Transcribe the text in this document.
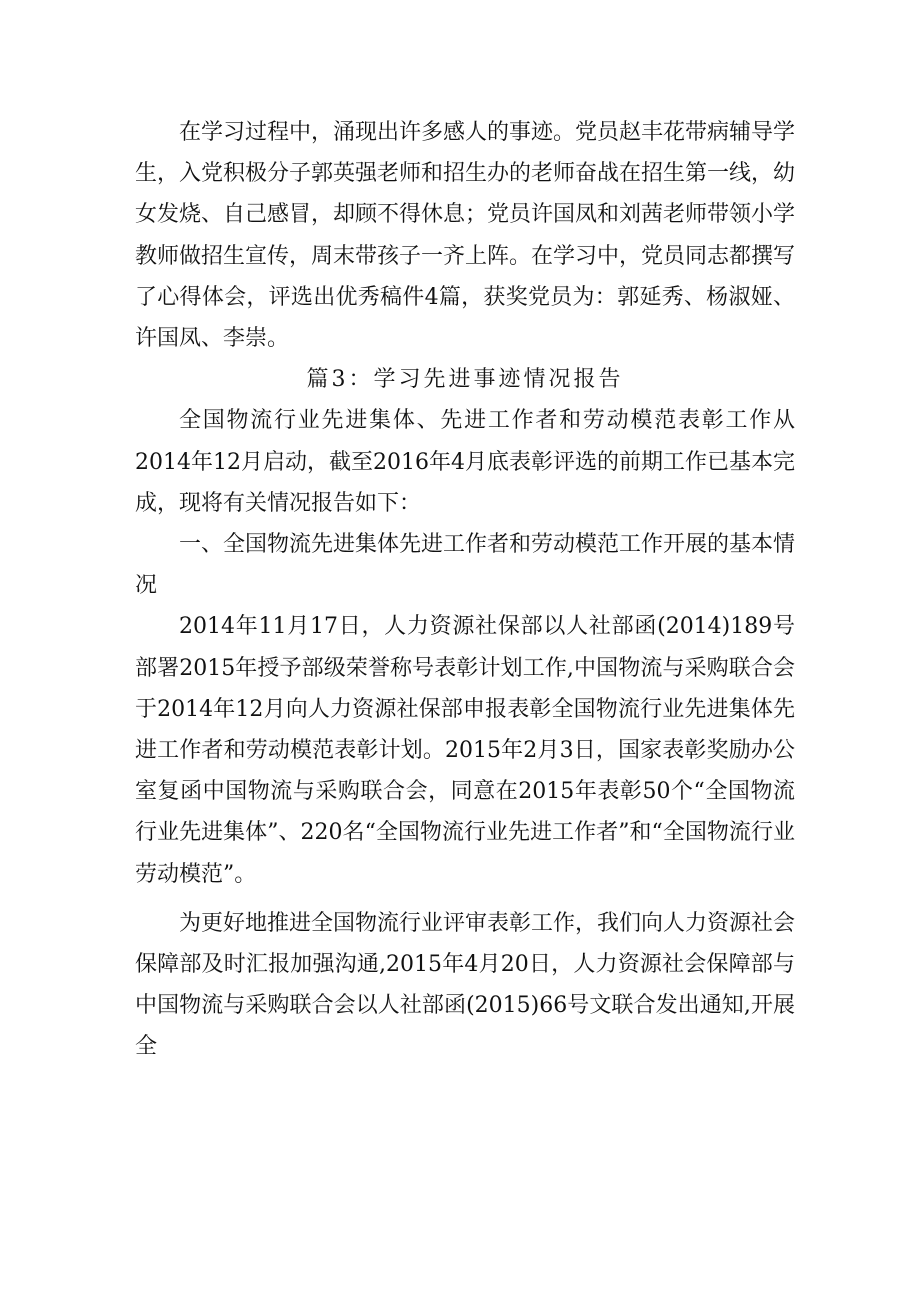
在学习过程中，涌现出许多感人的事迹。党员赵丰花带病辅导学生，入党积极分子郭英强老师和招生办的老师奋战在招生第一线，幼女发烧、自己感冒，却顾不得休息；党员许国凤和刘茜老师带领小学教师做招生宣传，周末带孩子一齐上阵。在学习中，党员同志都撰写了心得体会，评选出优秀稿件4篇，获奖党员为：郭延秀、杨淑娅、许国凤、李崇。

篇3：学习先进事迹情况报告

全国物流行业先进集体、先进工作者和劳动模范表彰工作从2014年12月启动，截至2016年4月底表彰评选的前期工作已基本完成，现将有关情况报告如下：

一、全国物流先进集体先进工作者和劳动模范工作开展的基本情况

2014年11月17日，人力资源社保部以人社部函(2014)189号部署2015年授予部级荣誉称号表彰计划工作,中国物流与采购联合会于2014年12月向人力资源社保部申报表彰全国物流行业先进集体先进工作者和劳动模范表彰计划。2015年2月3日，国家表彰奖励办公室复函中国物流与采购联合会，同意在2015年表彰50个“全国物流行业先进集体”、220名“全国物流行业先进工作者”和“全国物流行业劳动模范”。

为更好地推进全国物流行业评审表彰工作，我们向人力资源社会保障部及时汇报加强沟通,2015年4月20日，人力资源社会保障部与中国物流与采购联合会以人社部函(2015)66号文联合发出通知,开展全
